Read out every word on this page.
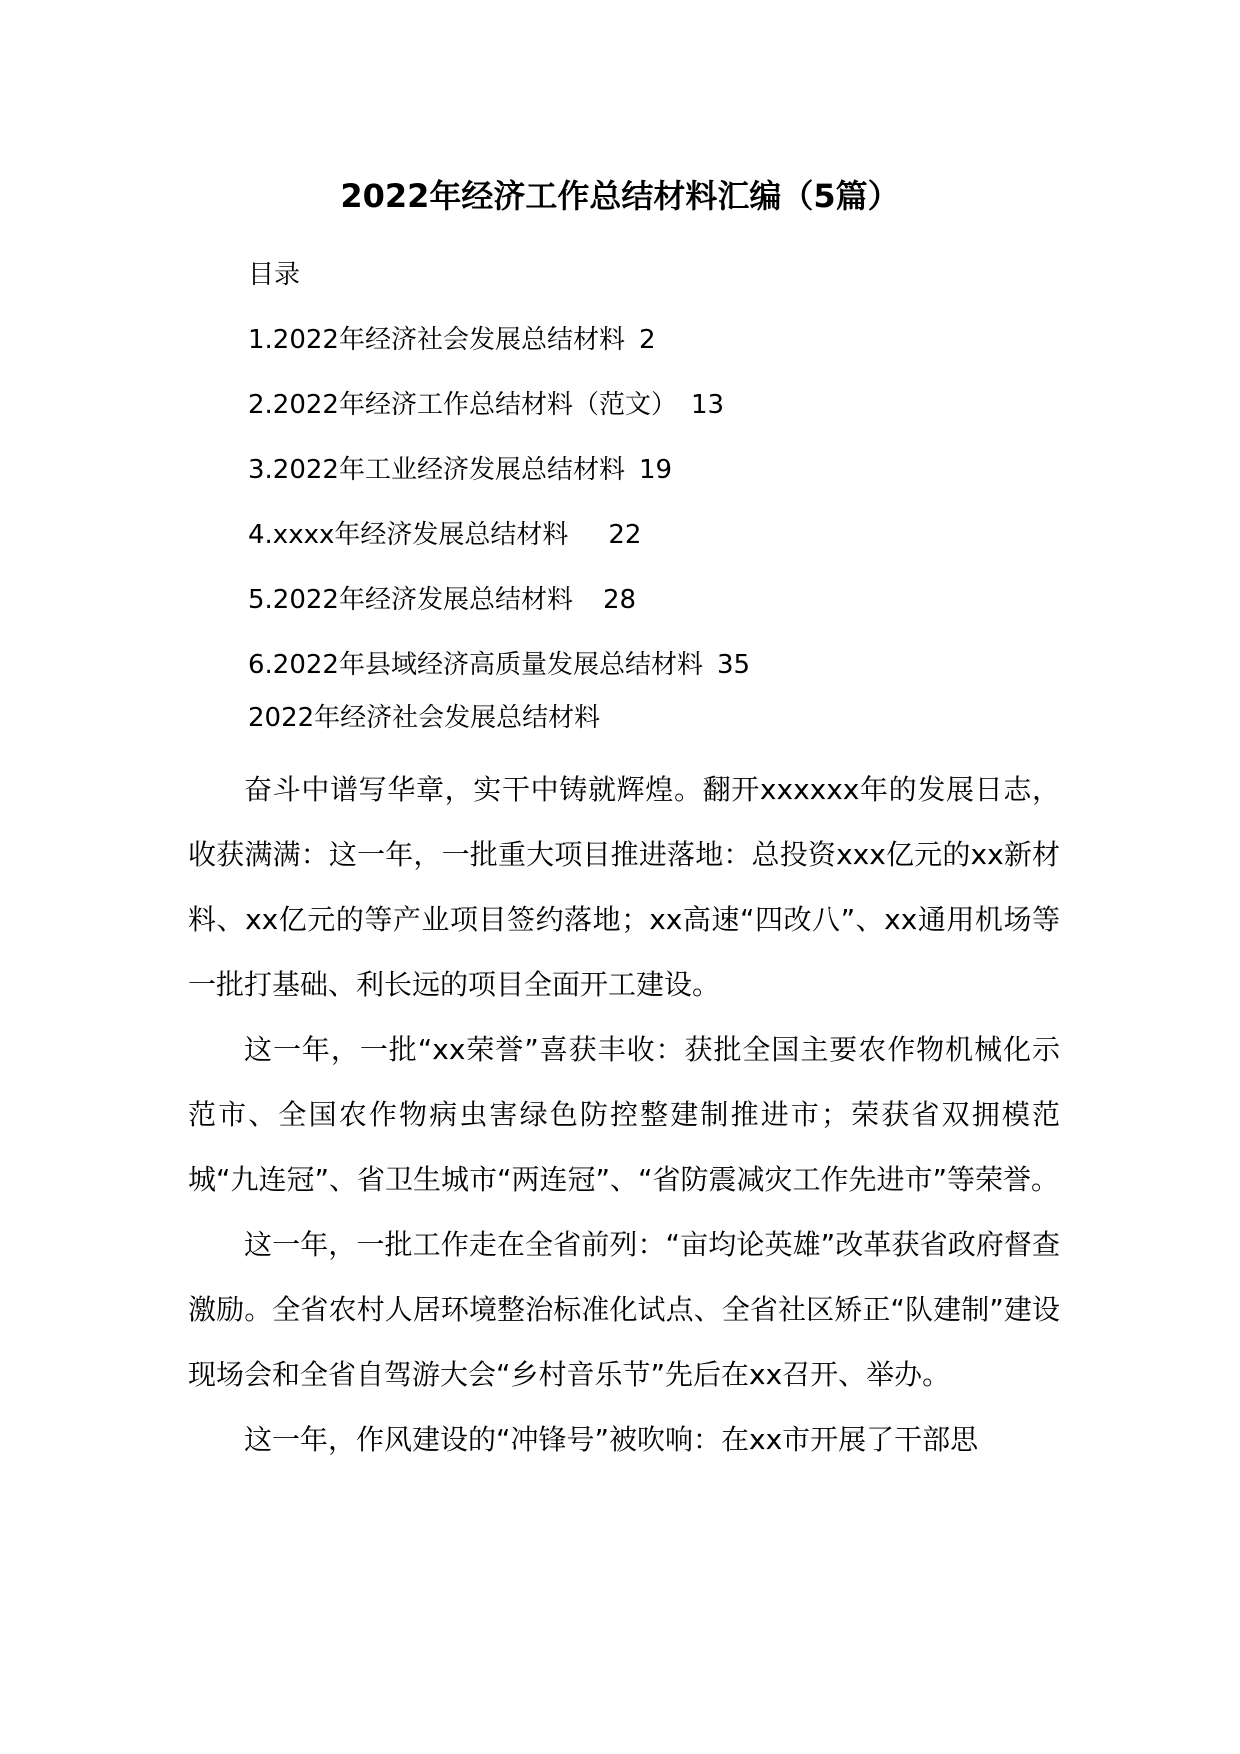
2022年经济工作总结材料汇编（5篇）
目录
1.2022年经济社会发展总结材料 2
2.2022年经济工作总结材料（范文） 13
3.2022年工业经济发展总结材料 19
4.xxxx年经济发展总结材料 22
5.2022年经济发展总结材料 28
6.2022年县域经济高质量发展总结材料 35
2022年经济社会发展总结材料

奋斗中谱写华章，实干中铸就辉煌。翻开xxxxxx年的发展日志，收获满满：这一年，一批重大项目推进落地：总投资xxx亿元的xx新材料、xx亿元的等产业项目签约落地；xx高速“四改八”、xx通用机场等一批打基础、利长远的项目全面开工建设。

这一年，一批“xx荣誉”喜获丰收：获批全国主要农作物机械化示范市、全国农作物病虫害绿色防控整建制推进市；荣获省双拥模范城“九连冠”、省卫生城市“两连冠”、“省防震减灾工作先进市”等荣誉。

这一年，一批工作走在全省前列：“亩均论英雄”改革获省政府督查激励。全省农村人居环境整治标准化试点、全省社区矫正“队建制”建设现场会和全省自驾游大会“乡村音乐节”先后在xx召开、举办。

这一年，作风建设的“冲锋号”被吹响：在xx市开展了干部思
